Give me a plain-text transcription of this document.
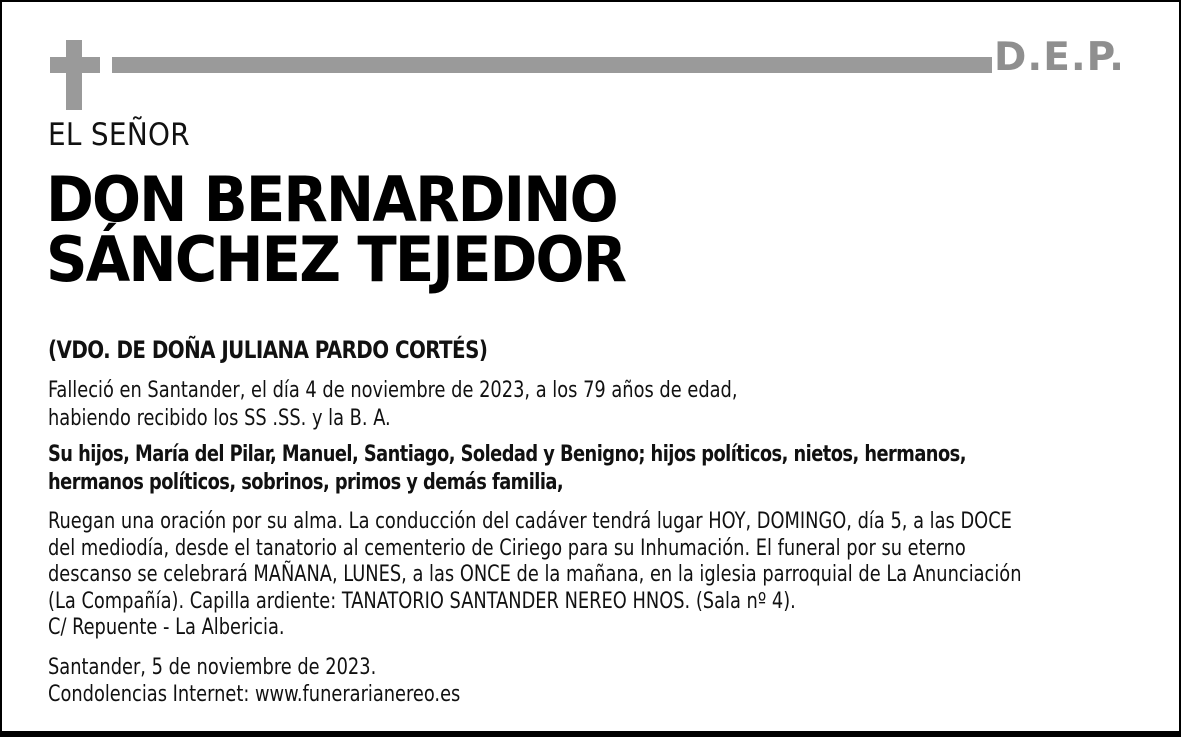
D.E.P.
EL SEÑOR
DON BERNARDINO
SÁNCHEZ TEJEDOR
(VDO. DE DOÑA JULIANA PARDO CORTÉS)
Falleció en Santander, el día 4 de noviembre de 2023, a los 79 años de edad,
habiendo recibido los SS .SS. y la B. A.
Su hijos, María del Pilar, Manuel, Santiago, Soledad y Benigno; hijos políticos, nietos, hermanos,
hermanos políticos, sobrinos, primos y demás familia,
Ruegan una oración por su alma. La conducción del cadáver tendrá lugar HOY, DOMINGO, día 5, a las DOCE
del mediodía, desde el tanatorio al cementerio de Ciriego para su Inhumación. El funeral por su eterno
descanso se celebrará MAÑANA, LUNES, a las ONCE de la mañana, en la iglesia parroquial de La Anunciación
(La Compañía). Capilla ardiente: TANATORIO SANTANDER NEREO HNOS. (Sala nº 4).
C/ Repuente - La Albericia.
Santander, 5 de noviembre de 2023.
Condolencias Internet: www.funerarianereo.es
